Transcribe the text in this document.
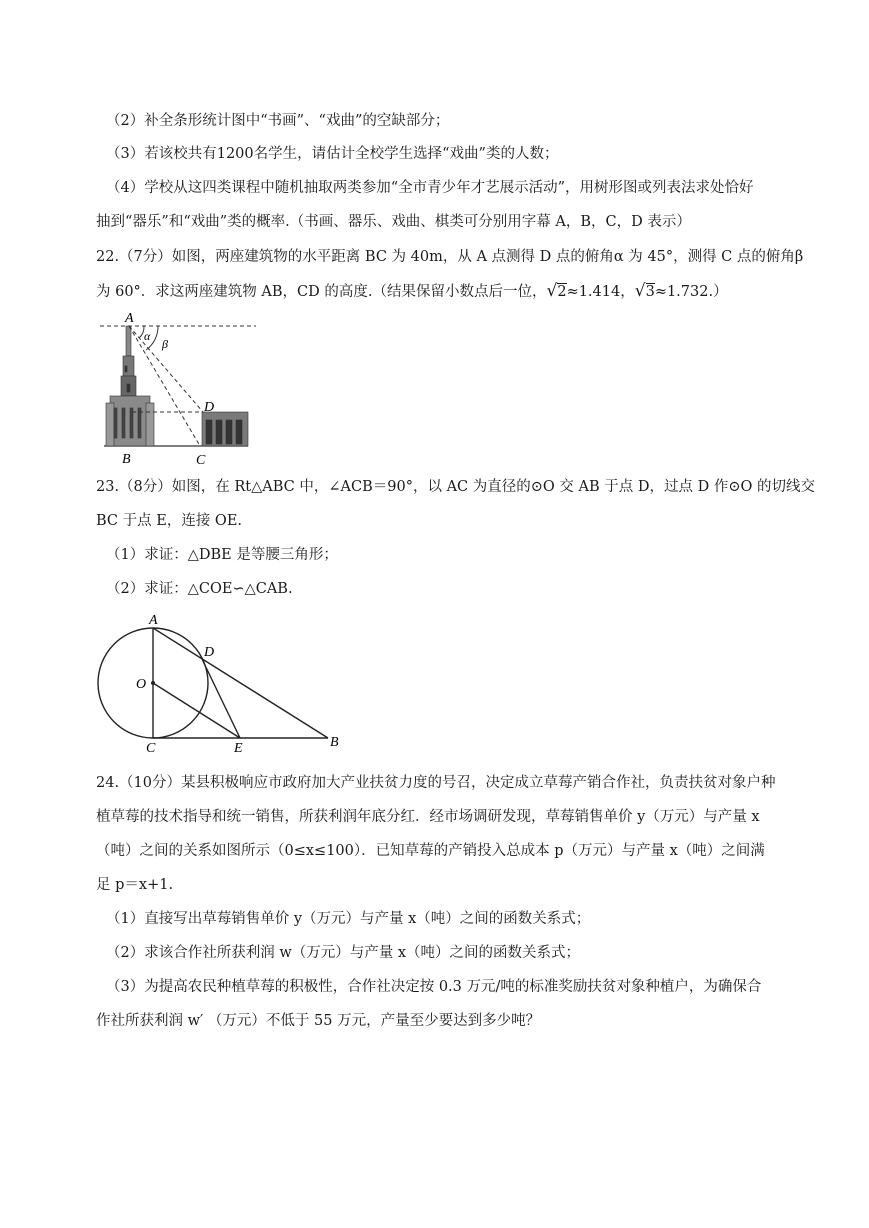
（2）补全条形统计图中“书画”、“戏曲”的空缺部分；
（3）若该校共有1200名学生，请估计全校学生选择“戏曲”类的人数；
（4）学校从这四类课程中随机抽取两类参加“全市青少年才艺展示活动”，用树形图或列表法求处恰好
抽到“器乐”和“戏曲”类的概率.（书画、器乐、戏曲、棋类可分别用字幕 A，B，C，D 表示）
22.（7分）如图，两座建筑物的水平距离 BC 为 40m，从 A 点测得 D 点的俯角α 为 45°，测得 C 点的俯角β
为 60°．求这两座建筑物 AB，CD 的高度.（结果保留小数点后一位，√2≈1.414，√3≈1.732.）
A
α
β
D
B	C
23.（8分）如图，在 Rt△ABC 中，∠ACB＝90°，以 AC 为直径的⊙O 交 AB 于点 D，过点 D 作⊙O 的切线交
BC 于点 E，连接 OE.
（1）求证：△DBE 是等腰三角形；
（2）求证：△COE∽△CAB.
A
D
O
C	E	B
24.（10分）某县积极响应市政府加大产业扶贫力度的号召，决定成立草莓产销合作社，负责扶贫对象户种
植草莓的技术指导和统一销售，所获利润年底分红．经市场调研发现，草莓销售单价 y（万元）与产量 x
（吨）之间的关系如图所示（0≤x≤100）．已知草莓的产销投入总成本 p（万元）与产量 x（吨）之间满
足 p＝x+1.
（1）直接写出草莓销售单价 y（万元）与产量 x（吨）之间的函数关系式；
（2）求该合作社所获利润 w（万元）与产量 x（吨）之间的函数关系式；
（3）为提高农民种植草莓的积极性，合作社决定按 0.3 万元/吨的标准奖励扶贫对象种植户，为确保合
作社所获利润 w′ （万元）不低于 55 万元，产量至少要达到多少吨？
